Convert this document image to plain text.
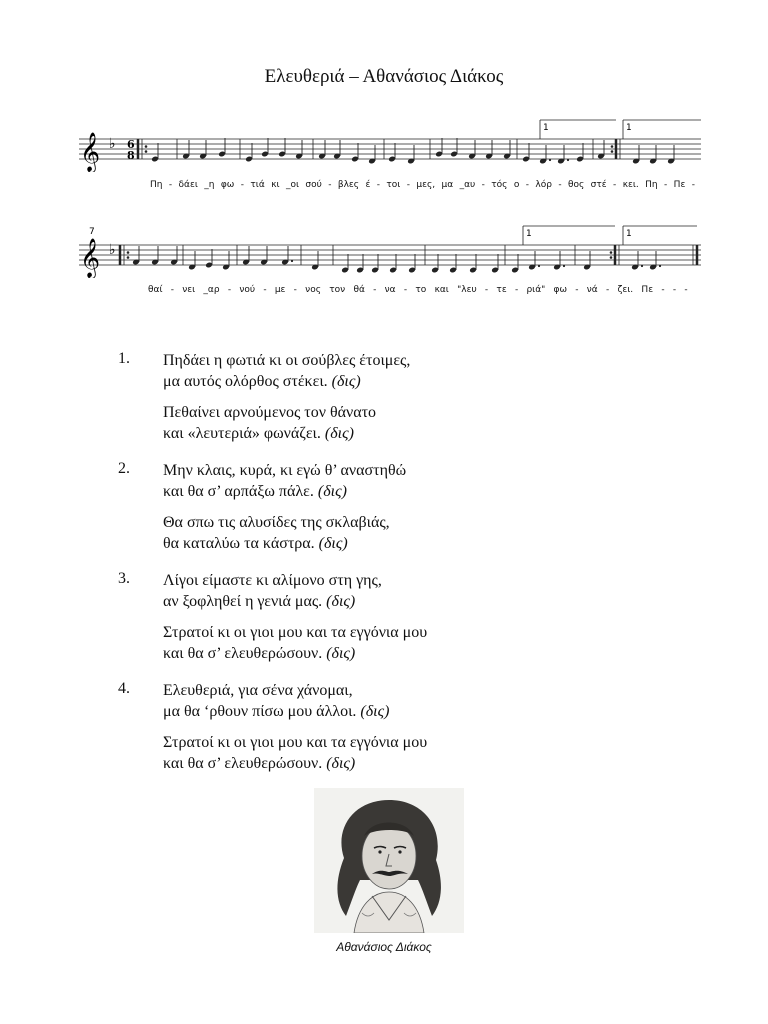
Ελευθεριά – Αθανάσιος Διάκος
𝄞 ♭ 6
8
1	1
Πη - δάει _η φω - τιά κι _οι σού - βλες έ - τοι - μες, μα _αυ - τός ο - λόρ - θος στέ - κει. Πη - Πε -
7
𝄞 ♭
1	1
θαί - νει _αρ - νού - με - νος τον θά - να - το και "λευ - τε - ριά" φω - νά - ζει. Πε - - -
1. Πηδάει η φωτιά κι οι σούβλες έτοιμες,
μα αυτός ολόρθος στέκει. (δις)
Πεθαίνει αρνούμενος τον θάνατο
και «λευτεριά» φωνάζει. (δις)
2. Μην κλαις, κυρά, κι εγώ θ’ αναστηθώ
και θα σ’ αρπάξω πάλε. (δις)
Θα σπω τις αλυσίδες της σκλαβιάς,
θα καταλύω τα κάστρα. (δις)
3. Λίγοι είμαστε κι αλίμονο στη γης,
αν ξοφληθεί η γενιά μας. (δις)
Στρατοί κι οι γιοι μου και τα εγγόνια μου
και θα σ’ ελευθερώσουν. (δις)
4. Ελευθεριά, για σένα χάνομαι,
μα θα ‘ρθουν πίσω μου άλλοι. (δις)
Στρατοί κι οι γιοι μου και τα εγγόνια μου
και θα σ’ ελευθερώσουν. (δις)
Αθανάσιος Διάκος
